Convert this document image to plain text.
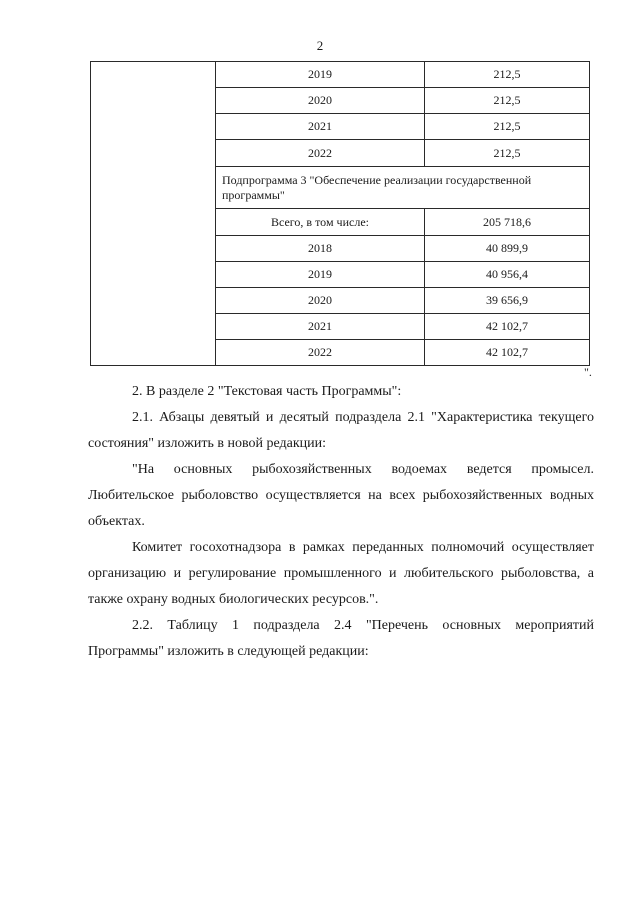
2
	2019	212,5
	2020	212,5
	2021	212,5
	2022	212,5
	Подпрограмма 3 "Обеспечение реализации государственной программы"	
	Всего, в том числе:	205 718,6
	2018	40 899,9
	2019	40 956,4
	2020	39 656,9
	2021	42 102,7
	2022	42 102,7
".

2. В разделе 2 "Текстовая часть Программы":

2.1. Абзацы девятый и десятый подраздела 2.1 "Характеристика текущего состояния" изложить в новой редакции:

"На основных рыбохозяйственных водоемах ведется промысел. Любительское рыболовство осуществляется на всех рыбохозяйственных водных объектах.

Комитет госохотнадзора в рамках переданных полномочий осуществляет организацию и регулирование промышленного и любительского рыболовства, а также охрану водных биологических ресурсов.".

2.2. Таблицу 1 подраздела 2.4 "Перечень основных мероприятий Программы" изложить в следующей редакции:
